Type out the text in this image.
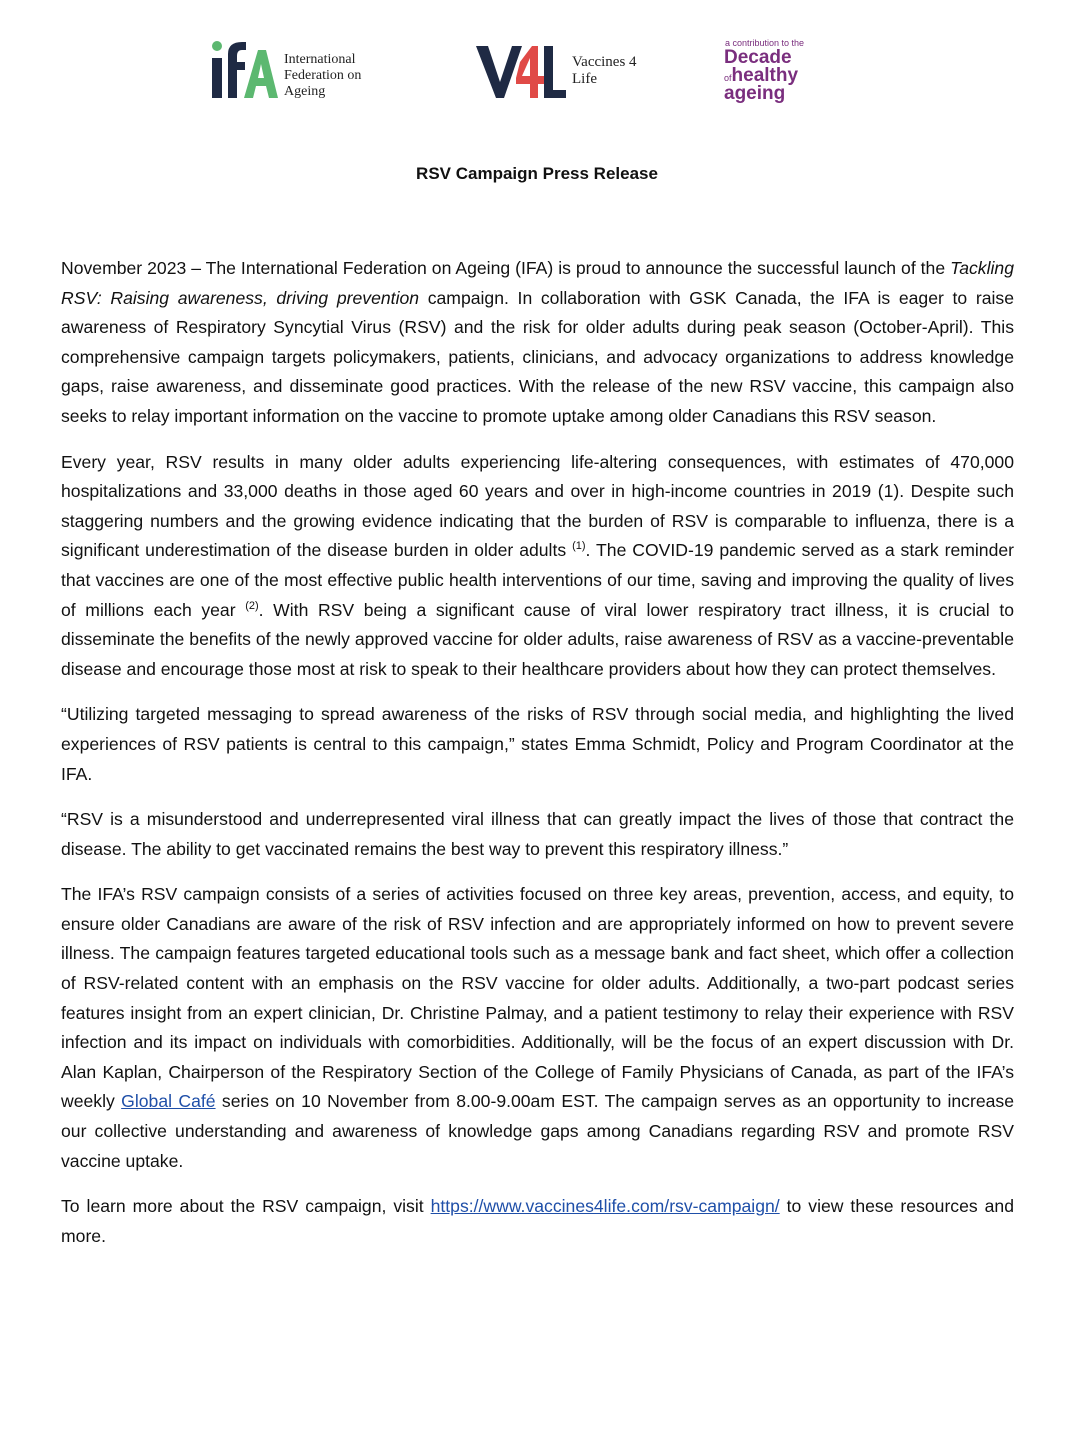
iFA
International Federation on Ageing
V4L
Vaccines 4 Life
a contribution to the
Decade
ofhealthy
ageing
RSV Campaign Press Release

November 2023 – The International Federation on Ageing (IFA) is proud to announce the successful launch of the Tackling RSV: Raising awareness, driving prevention campaign. In collaboration with GSK Canada, the IFA is eager to raise awareness of Respiratory Syncytial Virus (RSV) and the risk for older adults during peak season (October-April). This comprehensive campaign targets policymakers, patients, clinicians, and advocacy organizations to address knowledge gaps, raise awareness, and disseminate good practices. With the release of the new RSV vaccine, this campaign also seeks to relay important information on the vaccine to promote uptake among older Canadians this RSV season.

Every year, RSV results in many older adults experiencing life-altering consequences, with estimates of 470,000 hospitalizations and 33,000 deaths in those aged 60 years and over in high-income countries in 2019 (1). Despite such staggering numbers and the growing evidence indicating that the burden of RSV is comparable to influenza, there is a significant underestimation of the disease burden in older adults $^{(1)}$. The COVID-19 pandemic served as a stark reminder that vaccines are one of the most effective public health interventions of our time, saving and improving the quality of lives of millions each year $^{(2)}$. With RSV being a significant cause of viral lower respiratory tract illness, it is crucial to disseminate the benefits of the newly approved vaccine for older adults, raise awareness of RSV as a vaccine-preventable disease and encourage those most at risk to speak to their healthcare providers about how they can protect themselves.

“Utilizing targeted messaging to spread awareness of the risks of RSV through social media, and highlighting the lived experiences of RSV patients is central to this campaign,” states Emma Schmidt, Policy and Program Coordinator at the IFA.

“RSV is a misunderstood and underrepresented viral illness that can greatly impact the lives of those that contract the disease. The ability to get vaccinated remains the best way to prevent this respiratory illness.”

The IFA’s RSV campaign consists of a series of activities focused on three key areas, prevention, access, and equity, to ensure older Canadians are aware of the risk of RSV infection and are appropriately informed on how to prevent severe illness. The campaign features targeted educational tools such as a message bank and fact sheet, which offer a collection of RSV-related content with an emphasis on the RSV vaccine for older adults. Additionally, a two-part podcast series features insight from an expert clinician, Dr. Christine Palmay, and a patient testimony to relay their experience with RSV infection and its impact on individuals with comorbidities. Additionally, will be the focus of an expert discussion with Dr. Alan Kaplan, Chairperson of the Respiratory Section of the College of Family Physicians of Canada, as part of the IFA’s weekly Global Café series on 10 November from 8.00-9.00am EST. The campaign serves as an opportunity to increase our collective understanding and awareness of knowledge gaps among Canadians regarding RSV and promote RSV vaccine uptake.

To learn more about the RSV campaign, visit https://www.vaccines4life.com/rsv-campaign/ to view these resources and more.
